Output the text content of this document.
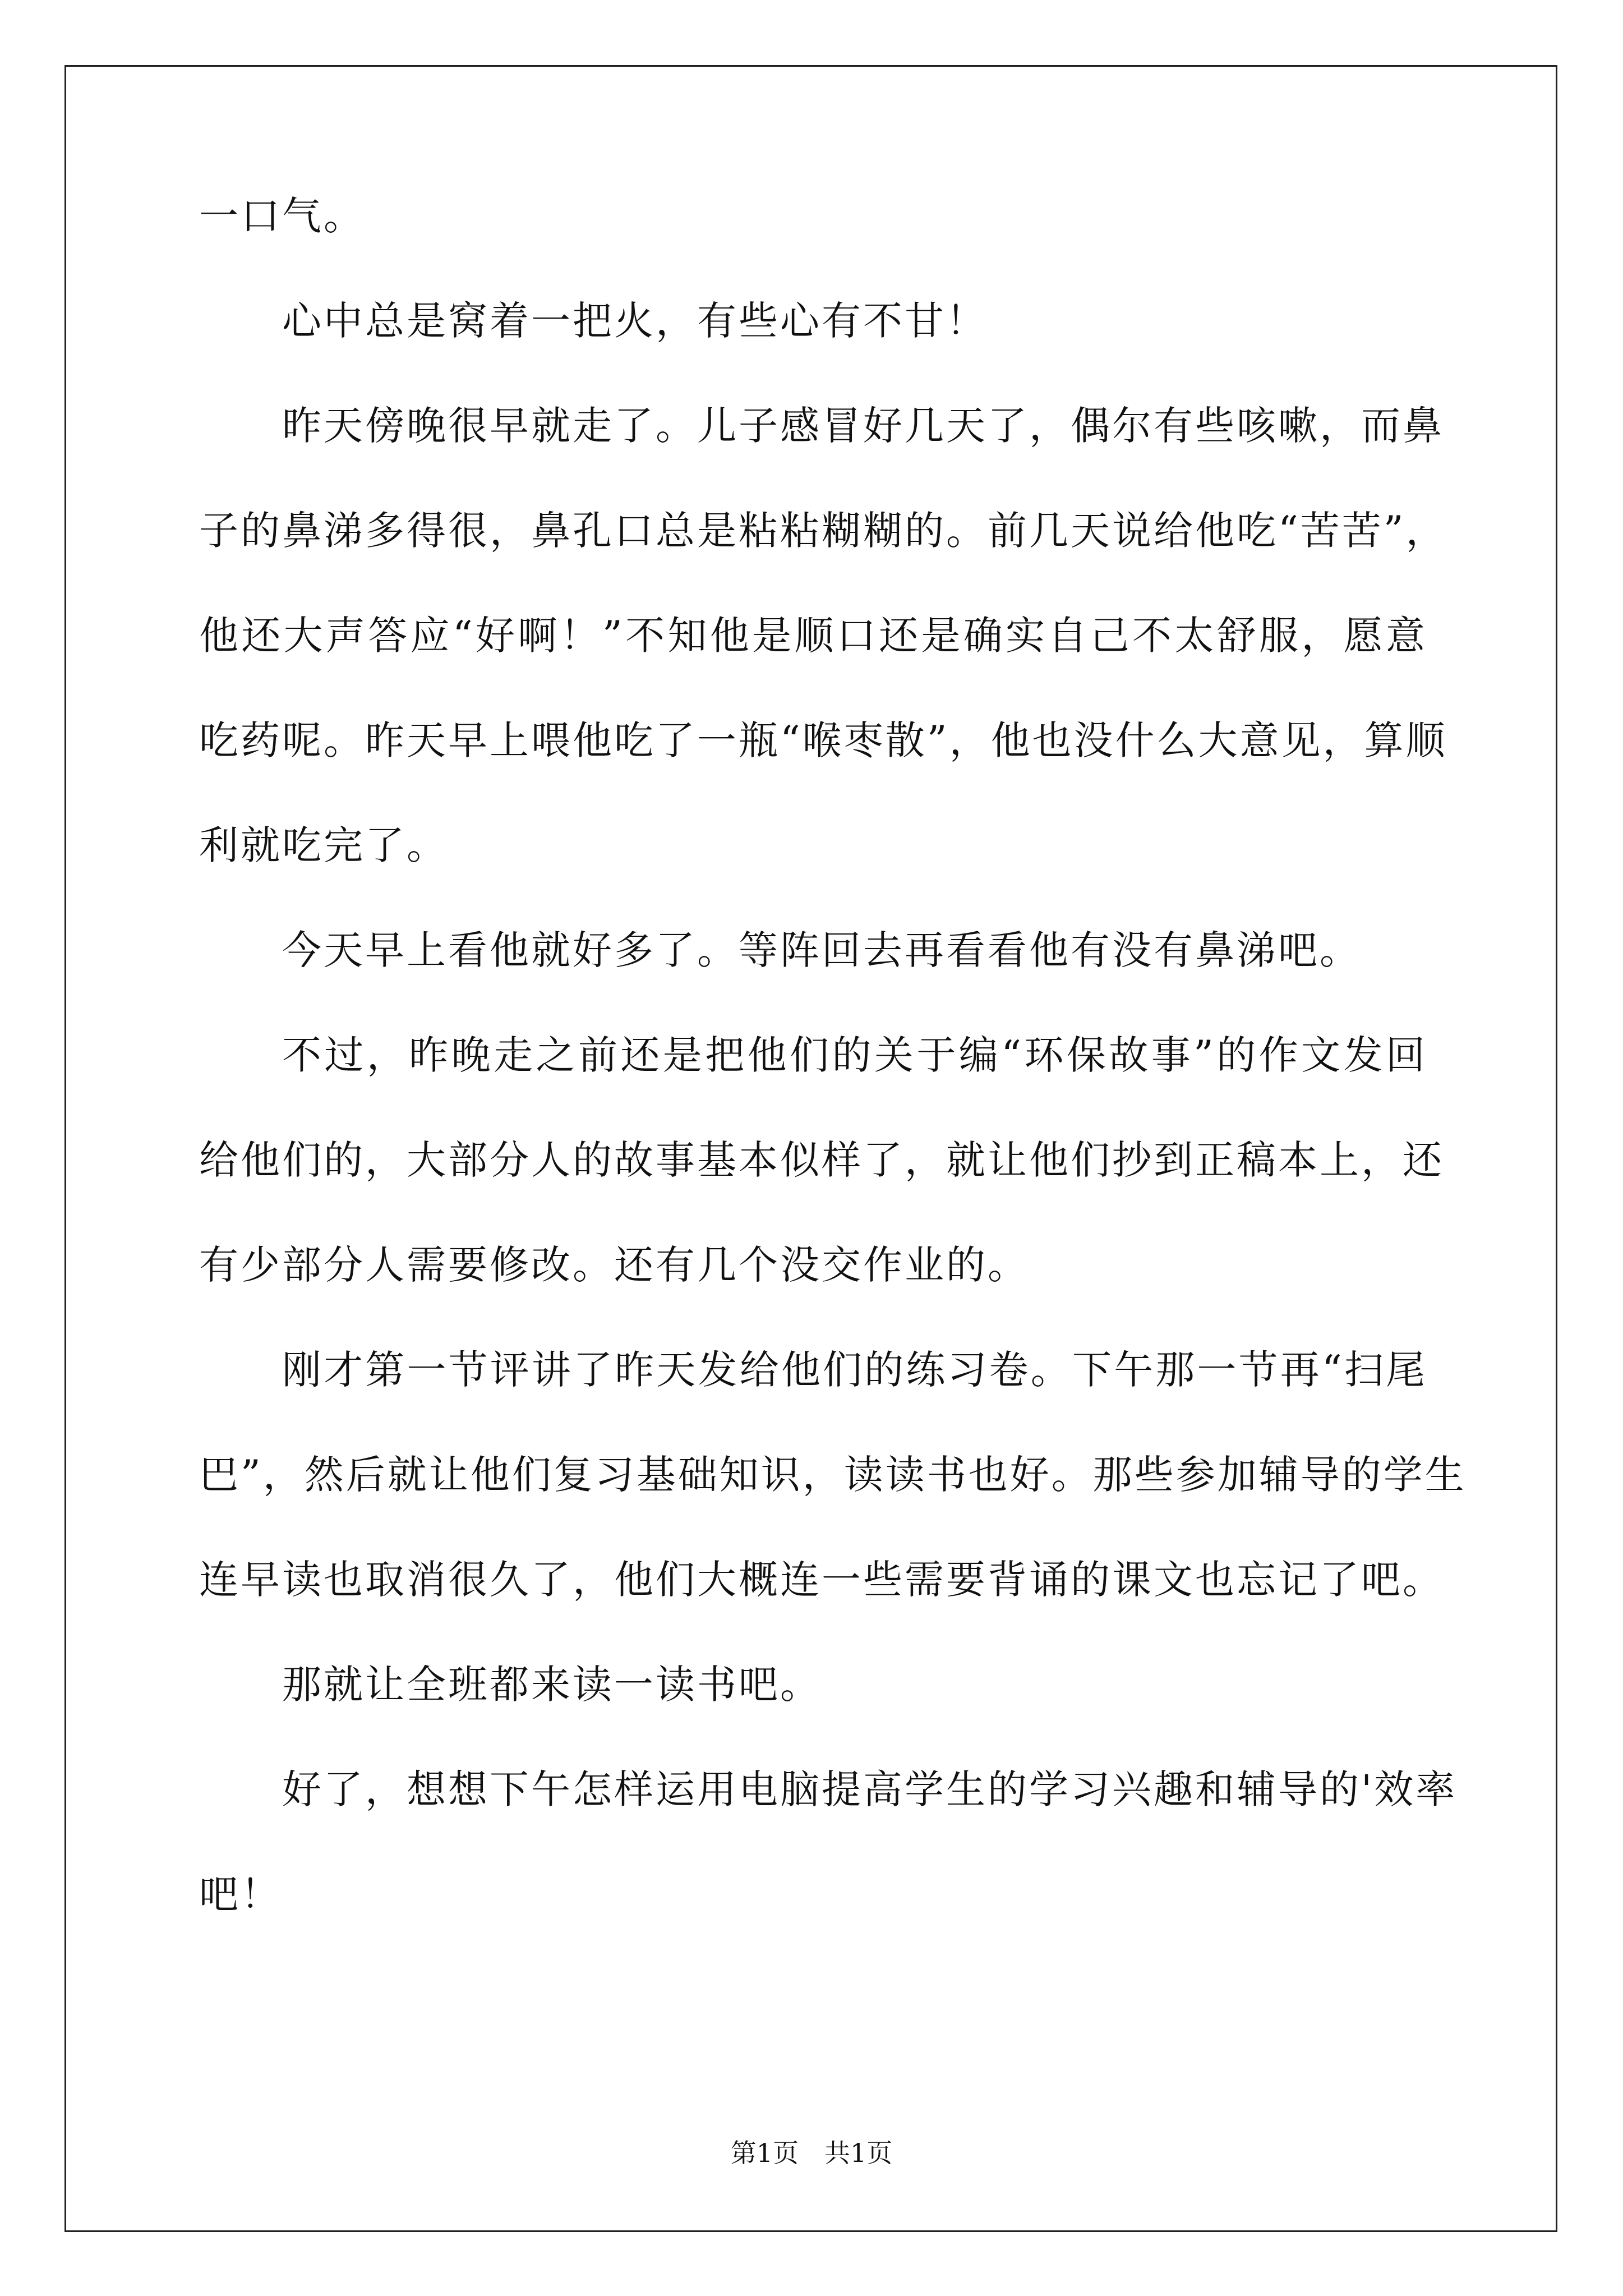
一口气。
心中总是窝着一把火，有些心有不甘！
昨天傍晚很早就走了。儿子感冒好几天了，偶尔有些咳嗽，而鼻
子的鼻涕多得很，鼻孔口总是粘粘糊糊的。前几天说给他吃“苦苦”，
他还大声答应“好啊！”不知他是顺口还是确实自己不太舒服，愿意
吃药呢。昨天早上喂他吃了一瓶“喉枣散”，他也没什么大意见，算顺
利就吃完了。
今天早上看他就好多了。等阵回去再看看他有没有鼻涕吧。
不过，昨晚走之前还是把他们的关于编“环保故事”的作文发回
给他们的，大部分人的故事基本似样了，就让他们抄到正稿本上，还
有少部分人需要修改。还有几个没交作业的。
刚才第一节评讲了昨天发给他们的练习卷。下午那一节再“扫尾
巴”，然后就让他们复习基础知识，读读书也好。那些参加辅导的学生
连早读也取消很久了，他们大概连一些需要背诵的课文也忘记了吧。
那就让全班都来读一读书吧。
好了，想想下午怎样运用电脑提高学生的学习兴趣和辅导的'效率
吧！
第1页　共1页
